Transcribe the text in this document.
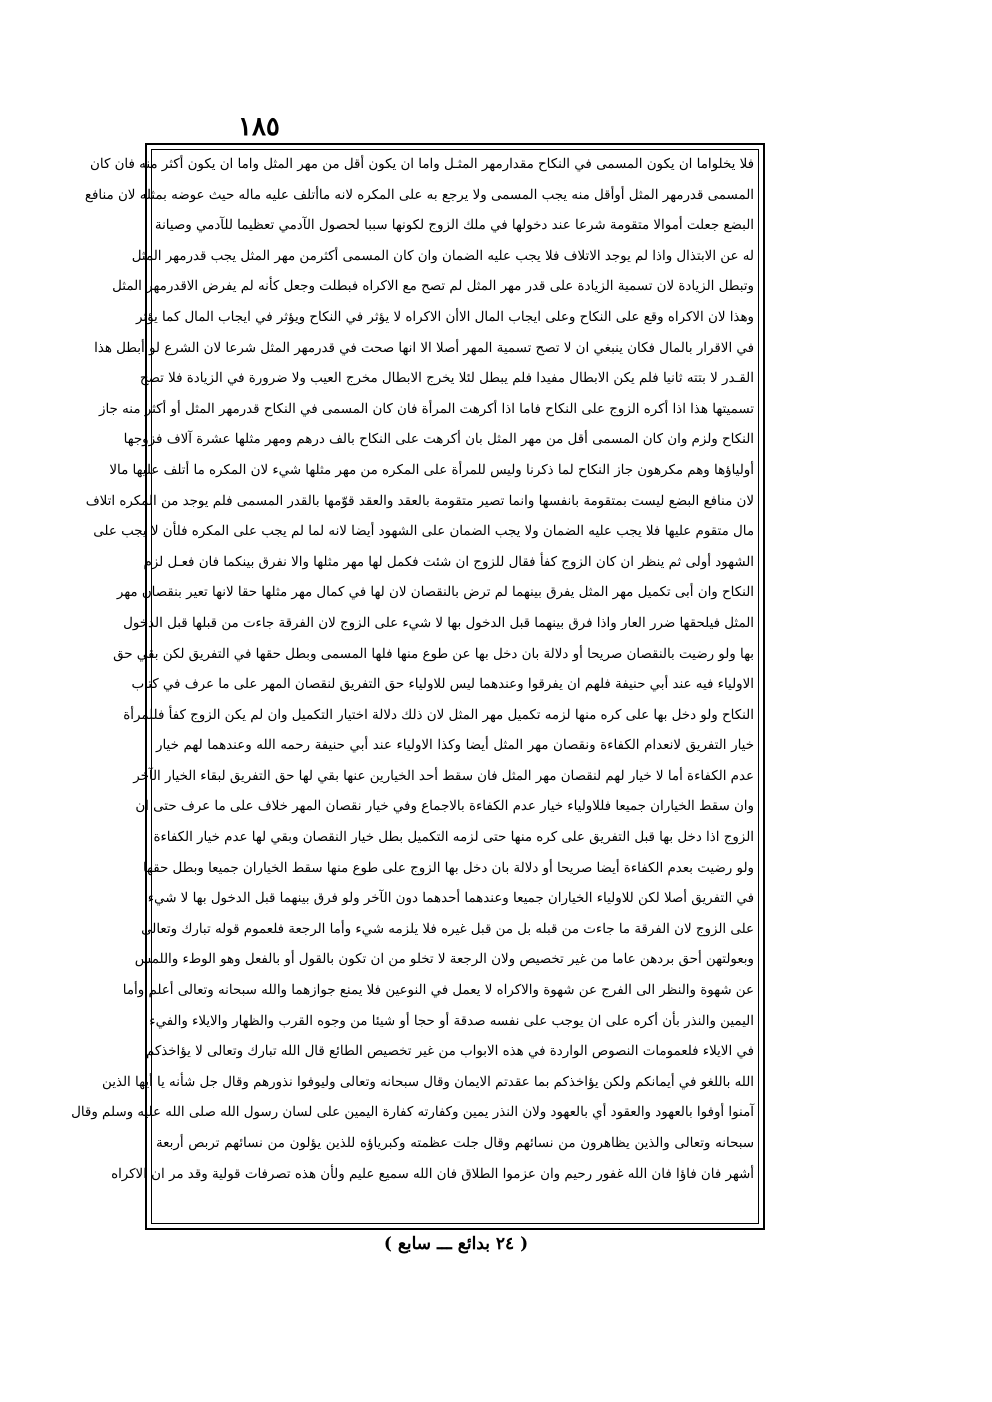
١٨٥
فلا يخلواما ان يكون المسمى في النكاح مقدارمهر المثـل واما ان يكون أقل من مهر المثل واما ان يكون أكثر منه فان كان
المسمى قدرمهر المثل أوأقل منه يجب المسمى ولا يرجع به على المكره لانه ماأتلف عليه ماله حيث عوضه بمثله لان منافع
البضع جعلت أموالا متقومة شرعا عند دخولها في ملك الزوج لكونها سببا لحصول الآدمي تعظيما للآدمي وصيانة
له عن الابتذال واذا لم يوجد الاتلاف فلا يجب عليه الضمان وان كان المسمى أكثرمن مهر المثل يجب قدرمهر المثل
وتبطل الزيادة لان تسمية الزيادة على قدر مهر المثل لم تصح مع الاكراه فبطلت وجعل كأنه لم يفرض الاقدرمهر المثل
وهذا لان الاكراه وقع على النكاح وعلى ايجاب المال الاأن الاكراه لا يؤثر في النكاح ويؤثر في ايجاب المال كما يؤثر
في الاقرار بالمال فكان ينبغي ان لا تصح تسمية المهر أصلا الا انها صحت في قدرمهر المثل شرعا لان الشرع لو أبطل هذا
القـدر لا بتته ثانيا فلم يكن الابطال مفيدا فلم يبطل لئلا يخرج الابطال مخرج العيب ولا ضرورة في الزيادة فلا تصح
تسميتها هذا اذا أكره الزوج على النكاح فاما اذا أكرهت المرأة فان كان المسمى في النكاح قدرمهر المثل أو أكثر منه جاز
النكاح ولزم وان كان المسمى أقل من مهر المثل بان أكرهت على النكاح بالف درهم ومهر مثلها عشرة آلاف فزوجها
أولياؤها وهم مكرهون جاز النكاح لما ذكرنا وليس للمرأة على المكره من مهر مثلها شيء لان المكره ما أتلف عليها مالا
لان منافع البضع ليست بمتقومة بانفسها وانما تصير متقومة بالعقد والعقد قوّمها بالقدر المسمى فلم يوجد من المكره اتلاف
مال متقوم عليها فلا يجب عليه الضمان ولا يجب الضمان على الشهود أيضا لانه لما لم يجب على المكره فلأن لا يجب على
الشهود أولى ثم ينظر ان كان الزوج كفأ فقال للزوج ان شئت فكمل لها مهر مثلها والا نفرق بينكما فان فعـل لزم
النكاح وان أبى تكميل مهر المثل يفرق بينهما لم ترض بالنقصان لان لها في كمال مهر مثلها حقا لانها تعير بنقصان مهر
المثل فيلحقها ضرر العار واذا فرق بينهما قبل الدخول بها لا شيء على الزوج لان الفرقة جاءت من قبلها قبل الدخول
بها ولو رضيت بالنقصان صريحا أو دلالة بان دخل بها عن طوع منها فلها المسمى وبطل حقها في التفريق لكن بقي حق
الاولياء فيه عند أبي حنيفة فلهم ان يفرقوا وعندهما ليس للاولياء حق التفريق لنقصان المهر على ما عرف في كتاب
النكاح ولو دخل بها على كره منها لزمه تكميل مهر المثل لان ذلك دلالة اختيار التكميل وان لم يكن الزوج كفأ فللمرأة
خيار التفريق لانعدام الكفاءة ونقصان مهر المثل أيضا وكذا الاولياء عند أبي حنيفة رحمه الله وعندهما لهم خيار
عدم الكفاءة أما لا خيار لهم لنقصان مهر المثل فان سقط أحد الخيارين عنها بقي لها حق التفريق لبقاء الخيار الآخر
وان سقط الخياران جميعا فللاولياء خيار عدم الكفاءة بالاجماع وفي خيار نقصان المهر خلاف على ما عرف حتى ان
الزوج اذا دخل بها قبل التفريق على كره منها حتى لزمه التكميل بطل خيار النقصان وبقي لها عدم خيار الكفاءة
ولو رضيت بعدم الكفاءة أيضا صريحا أو دلالة بان دخل بها الزوج على طوع منها سقط الخياران جميعا وبطل حقها
في التفريق أصلا لكن للاولياء الخياران جميعا وعندهما أحدهما دون الآخر ولو فرق بينهما قبل الدخول بها لا شيء
على الزوج لان الفرقة ما جاءت من قبله بل من قبل غيره فلا يلزمه شيء وأما الرجعة فلعموم قوله تبارك وتعالى
وبعولتهن أحق بردهن عاما من غير تخصيص ولان الرجعة لا تخلو من ان تكون بالقول أو بالفعل وهو الوطء واللمس
عن شهوة والنظر الى الفرج عن شهوة والاكراه لا يعمل في النوعين فلا يمنع جوازهما والله سبحانه وتعالى أعلم وأما
اليمين والنذر بأن أكره على ان يوجب على نفسه صدقة أو حجا أو شيئا من وجوه القرب والظهار والايلاء والفيء
في الايلاء فلعمومات النصوص الواردة في هذه الابواب من غير تخصيص الطائع قال الله تبارك وتعالى لا يؤاخذكم
الله باللغو في أيمانكم ولكن يؤاخذكم بما عقدتم الايمان وقال سبحانه وتعالى وليوفوا نذورهم وقال جل شأنه يا أيها الذين
آمنوا أوفوا بالعهود والعقود أي بالعهود ولان النذر يمين وكفارته كفارة اليمين على لسان رسول الله صلى الله عليه وسلم وقال
سبحانه وتعالى والذين يظاهرون من نسائهم وقال جلت عظمته وكبرياؤه للذين يؤلون من نسائهم تربص أربعة
أشهر فان فاؤا فان الله غفور رحيم وان عزموا الطلاق فان الله سميع عليم ولأن هذه تصرفات قولية وقد مر ان الاكراه
( ٢٤ بدائع ـــ سابع )
